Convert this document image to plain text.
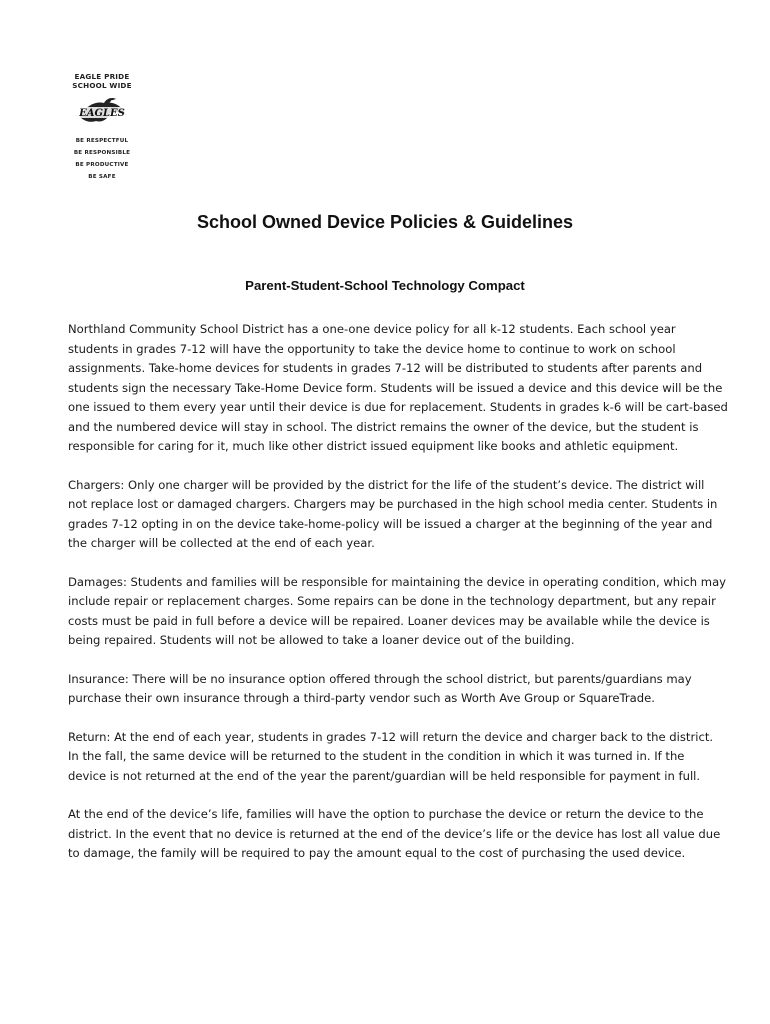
EAGLE PRIDE
SCHOOL WIDE
EAGLES
BE RESPECTFUL
BE RESPONSIBLE
BE PRODUCTIVE
BE SAFE
School Owned Device Policies & Guidelines
Parent-Student-School Technology Compact

Northland Community School District has a one-one device policy for all k-12 students. Each school year
students in grades 7-12 will have the opportunity to take the device home to continue to work on school
assignments. Take-home devices for students in grades 7-12 will be distributed to students after parents and
students sign the necessary Take-Home Device form. Students will be issued a device and this device will be the
one issued to them every year until their device is due for replacement. Students in grades k-6 will be cart-based
and the numbered device will stay in school. The district remains the owner of the device, but the student is
responsible for caring for it, much like other district issued equipment like books and athletic equipment.

Chargers: Only one charger will be provided by the district for the life of the student’s device. The district will
not replace lost or damaged chargers. Chargers may be purchased in the high school media center. Students in
grades 7-12 opting in on the device take-home-policy will be issued a charger at the beginning of the year and
the charger will be collected at the end of each year.

Damages: Students and families will be responsible for maintaining the device in operating condition, which may
include repair or replacement charges. Some repairs can be done in the technology department, but any repair
costs must be paid in full before a device will be repaired. Loaner devices may be available while the device is
being repaired. Students will not be allowed to take a loaner device out of the building.

Insurance: There will be no insurance option offered through the school district, but parents/guardians may
purchase their own insurance through a third-party vendor such as Worth Ave Group or SquareTrade.

Return: At the end of each year, students in grades 7-12 will return the device and charger back to the district.
In the fall, the same device will be returned to the student in the condition in which it was turned in. If the
device is not returned at the end of the year the parent/guardian will be held responsible for payment in full.

At the end of the device’s life, families will have the option to purchase the device or return the device to the
district. In the event that no device is returned at the end of the device’s life or the device has lost all value due
to damage, the family will be required to pay the amount equal to the cost of purchasing the used device.
